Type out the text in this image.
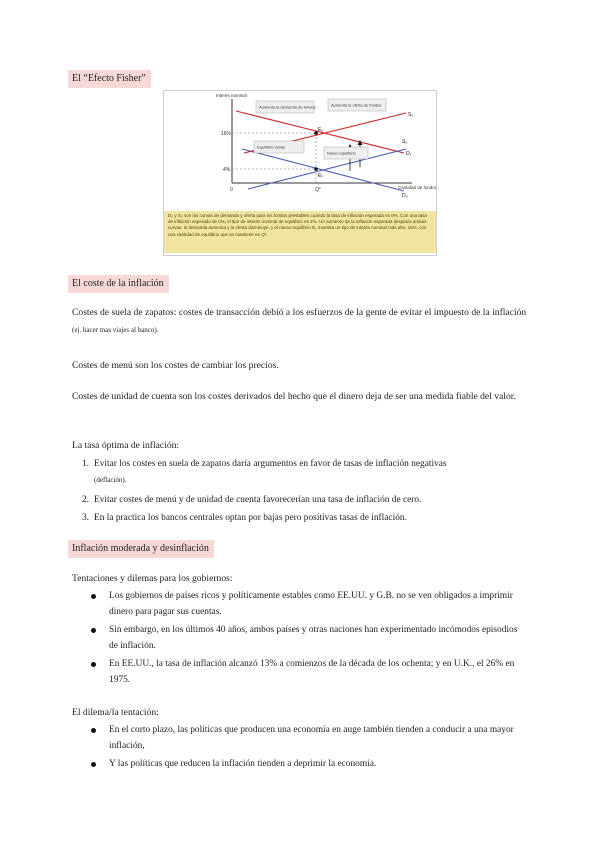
El “Efecto Fisher”
Interés nominal
Cantidad de fondos
16%
4%
0	Q*
E₁
E₀
S₁
D₁
S₀
D₀
Aumenta la demanda de fondos	Aumenta la oferta de fondos
Equilibrio inicial
Nuevo equilibrio
D₀ y S₀ son las curvas de demanda y oferta para los fondos prestables cuando la tasa de inflación esperada es 0%. Con una tasa de inflación esperada de 0%, el tipo de interés nominal de equilibrio es 4%. Un aumento de la inflación esperada desplaza ambas curvas: la demanda aumenta y la oferta disminuye, y el nuevo equilibrio E₁ muestra un tipo de interés nominal más alto, 16%, con una cantidad de equilibrio que se mantiene en Q*.
El coste de la inflación
Costes de suela de zapatos: costes de transacción debió a los esfuerzos de la gente de evitar el impuesto de la inflación (ej. hacer mas viajes al banco).
Costes de menú son los costes de cambiar los precios.
Costes de unidad de cuenta son los costes derivados del hecho que el dinero deja de ser una medida fiable del valor.
La tasa óptima de inflación:
1. Evitar los costes en suela de zapatos daría argumentos en favor de tasas de inflación negativas
(deflación).
2. Evitar costes de menú y de unidad de cuenta favorecerían una tasa de inflación de cero.
3. En la practica los bancos centrales optan por bajas pero positivas tasas de inflación.
Inflación moderada y desinflación
Tentaciones y dilemas para los gobiernos:
Los gobiernos de países ricos y políticamente estables como EE.UU. y G.B. no se ven obligados a imprimir dinero para pagar sus cuentas.
Sin embargo, en los últimos 40 años, ambos países y otras naciones han experimentado incómodos episodios de inflación.
En EE.UU., la tasa de inflación alcanzó 13% a comienzos de la década de los ochenta; y en U.K., el 26% en 1975.
El dilema/la tentación:
En el corto plazo, las políticas que producen una economía en auge también tienden a conducir a una mayor inflación,
Y las políticas que reducen la inflación tienden a deprimir la economía.
